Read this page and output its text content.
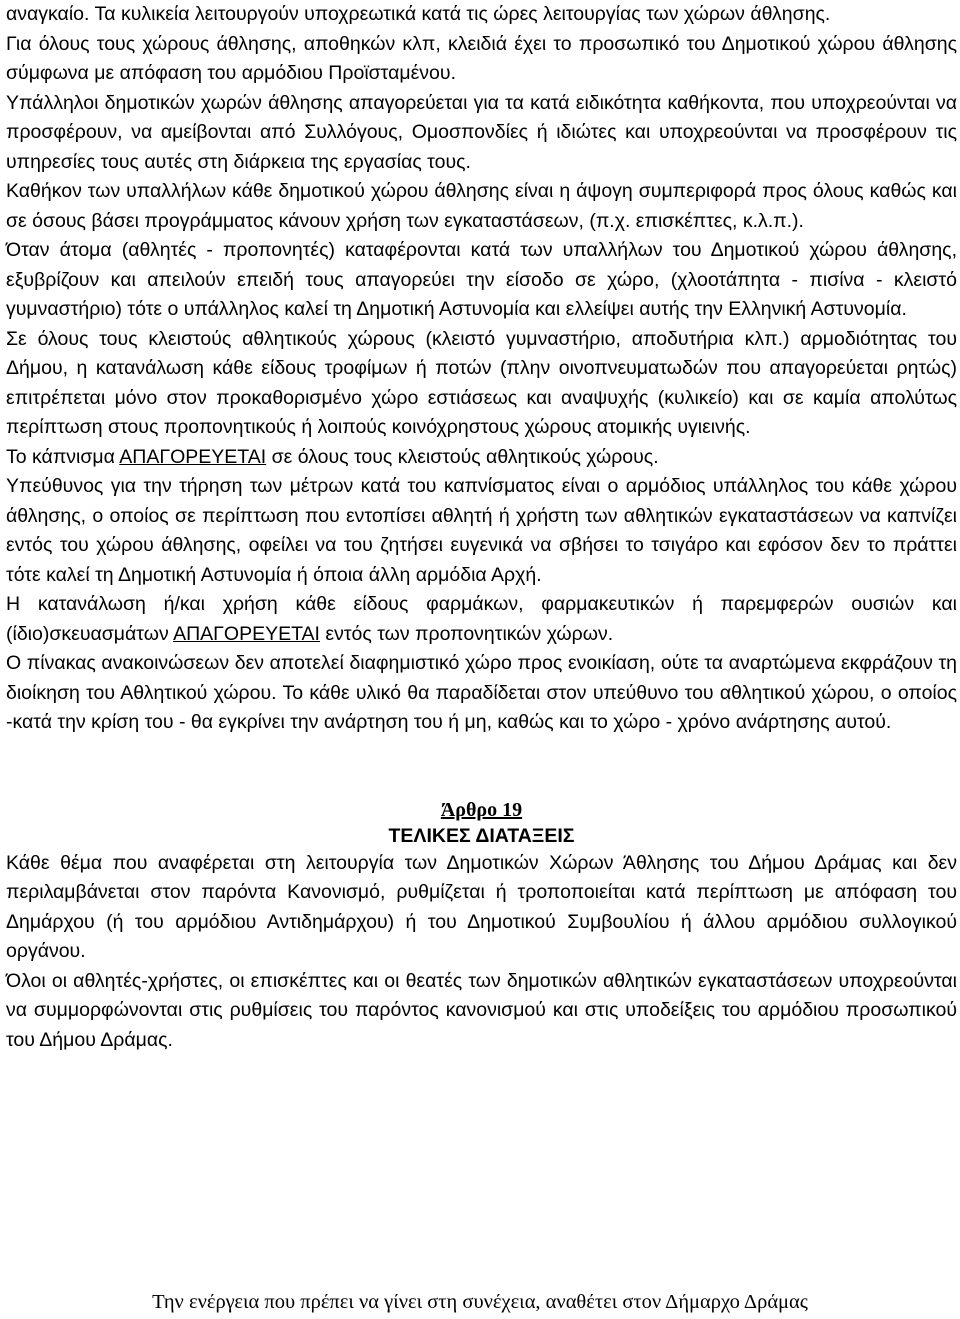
αναγκαίο. Τα κυλικεία λειτουργούν υποχρεωτικά κατά τις ώρες λειτουργίας των χώρων άθλησης.

Για όλους τους χώρους άθλησης, αποθηκών κλπ, κλειδιά έχει το προσωπικό του Δημοτικού χώρου άθλησης σύμφωνα με απόφαση του αρμόδιου Προϊσταμένου.

Υπάλληλοι δημοτικών χωρών άθλησης απαγορεύεται για τα κατά ειδικότητα καθήκοντα, που υποχρεούνται να προσφέρουν, να αμείβονται από Συλλόγους, Ομοσπονδίες ή ιδιώτες και υποχρεούνται να προσφέρουν τις υπηρεσίες τους αυτές στη διάρκεια της εργασίας τους.

Καθήκον των υπαλλήλων κάθε δημοτικού χώρου άθλησης είναι η άψογη συμπεριφορά προς όλους καθώς και σε όσους βάσει προγράμματος κάνουν χρήση των εγκαταστάσεων, (π.χ. επισκέπτες, κ.λ.π.).

Όταν άτομα (αθλητές - προπονητές) καταφέρονται κατά των υπαλλήλων του Δημοτικού χώρου άθλησης, εξυβρίζουν και απειλούν επειδή τους απαγορεύει την είσοδο σε χώρο, (χλοοτάπητα - πισίνα - κλειστό γυμναστήριο) τότε ο υπάλληλος καλεί τη Δημοτική Αστυνομία και ελλείψει αυτής την Ελληνική Αστυνομία.

Σε όλους τους κλειστούς αθλητικούς χώρους (κλειστό γυμναστήριο, αποδυτήρια κλπ.) αρμοδιότητας του Δήμου, η κατανάλωση κάθε είδους τροφίμων ή ποτών (πλην οινοπνευματωδών που απαγορεύεται ρητώς) επιτρέπεται μόνο στον προκαθορισμένο χώρο εστιάσεως και αναψυχής (κυλικείο) και σε καμία απολύτως περίπτωση στους προπονητικούς ή λοιπούς κοινόχρηστους χώρους ατομικής υγιεινής.

Το κάπνισμα ΑΠΑΓΟΡΕΥΕΤΑΙ σε όλους τους κλειστούς αθλητικούς χώρους.

Υπεύθυνος για την τήρηση των μέτρων κατά του καπνίσματος είναι ο αρμόδιος υπάλληλος του κάθε χώρου άθλησης, ο οποίος σε περίπτωση που εντοπίσει αθλητή ή χρήστη των αθλητικών εγκαταστάσεων να καπνίζει εντός του χώρου άθλησης, οφείλει να του ζητήσει ευγενικά να σβήσει το τσιγάρο και εφόσον δεν το πράττει τότε καλεί τη Δημοτική Αστυνομία ή όποια άλλη αρμόδια Αρχή.

Η κατανάλωση ή/και χρήση κάθε είδους φαρμάκων, φαρμακευτικών ή παρεμφερών ουσιών και (ίδιο)σκευασμάτων ΑΠΑΓΟΡΕΥΕΤΑΙ εντός των προπονητικών χώρων.

Ο πίνακας ανακοινώσεων δεν αποτελεί διαφημιστικό χώρο προς ενοικίαση, ούτε τα αναρτώμενα εκφράζουν τη διοίκηση του Αθλητικού χώρου. Το κάθε υλικό θα παραδίδεται στον υπεύθυνο του αθλητικού χώρου, ο οποίος -κατά την κρίση του - θα εγκρίνει την ανάρτηση του ή μη, καθώς και το χώρο - χρόνο ανάρτησης αυτού.

Άρθρο 19
ΤΕΛΙΚΕΣ ΔΙΑΤΑΞΕΙΣ

Κάθε θέμα που αναφέρεται στη λειτουργία των Δημοτικών Χώρων Άθλησης του Δήμου Δράμας και δεν περιλαμβάνεται στον παρόντα Κανονισμό, ρυθμίζεται ή τροποποιείται κατά περίπτωση με απόφαση του Δημάρχου (ή του αρμόδιου Αντιδημάρχου) ή του Δημοτικού Συμβουλίου ή άλλου αρμόδιου συλλογικού οργάνου.

Όλοι οι αθλητές-χρήστες, οι επισκέπτες και οι θεατές των δημοτικών αθλητικών εγκαταστάσεων υποχρεούνται να συμμορφώνονται στις ρυθμίσεις του παρόντος κανονισμού και στις υποδείξεις του αρμόδιου προσωπικού του Δήμου Δράμας.

Την ενέργεια που πρέπει να γίνει στη συνέχεια, αναθέτει στον Δήμαρχο Δράμας
